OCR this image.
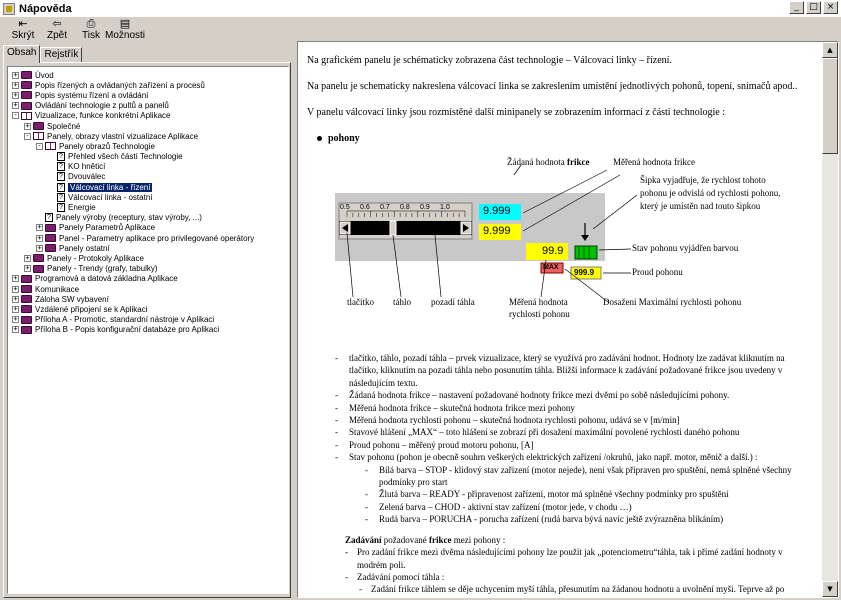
Nápověda	_	□ ×
⇤
Skrýt
⇦
Zpět
⎙
Tisk
▤
Možnosti
Obsah Rejstřík
+ Úvod
+ Popis řízených a ovládaných zařízení a procesů
+ Popis systému řízení a ovládání
+ Ovládání technologie z pultů a panelů
- Vizualizace, funkce konkrétní Aplikace
+ Společné
- Panely, obrazy vlastní vizualizace Aplikace
- Panely obrazů Technologie
? Přehled všech částí Technologie
? KO hněticí
? Dvouválec
? Válcovací linka - řízení
? Válcovací linka - ostatní
? Energie
? Panely výroby (receptury, stav výroby, ...)
+ Panely Parametrů Aplikace
+ Panel - Parametry aplikace pro privilegované operátory
+ Panely ostatní
+ Panely - Protokoly Aplikace
+ Panely - Trendy (grafy, tabulky)
+ Programová a datová základna Aplikace
+ Komunikace
+ Záloha SW vybavení
+ Vzdálené připojení se k Aplikaci
+ Příloha A - Promotic, standardní nástroje v Aplikaci
+ Příloha B - Popis konfigurační databáze pro Aplikaci

Na grafickém panelu je schématicky zobrazena část technologie – Válcovací linky – řízení.

Na panelu je schematicky nakreslena válcovací linka se zakreslením umístění jednotlivých pohonů, topení, snímačů apod..

V panelu válcovací linky jsou rozmístěné další minipanely se zobrazením informací z části technologie :

pohony
Žádaná hodnota frikce	Měřená hodnota frikce
Šipka vyjadřuje, že rychlost tohoto
pohonu je odvislá od rychlosti pohonu,
který je umístěn nad touto šipkou
Stav pohonu vyjádřen barvou
Proud pohonu
tlačítko táhlo pozadí táhla	Měřená hodnota
rychlosti pohonu
Dosažení Maximální rychlosti pohonu
9.999
9.999
99.9
MAX
999.9
0.5 0.6 0.7 0.8 0.9 1.0
-	tlačítko, táhlo, pozadí táhla – prvek vizualizace, který se využívá pro zadávání hodnot. Hodnoty lze zadávat kliknutím na tlačítko, kliknutím na pozadí táhla nebo posunutím táhla. Bližší informace k zadávání požadované frikce jsou uvedeny v následujícím textu.
-	Žádaná hodnota frikce – nastavení požadované hodnoty frikce mezi dvěmi po sobě následujícími pohony.
-	Měřená hodnota frikce – skutečná hodnota frikce mezi pohony
-	Měřená hodnota rychlosti pohonu – skutečná hodnota rychlosti pohonu, udává se v [m/min]
-	Stavové hlášení „MAX“ – toto hlášení se zobrazí při dosažení maximální povolené rychlosti daného pohonu
-	Proud pohonu – měřený proud motoru pohonu, [A]
-	Stav pohonu (pohon je obecně souhrn veškerých elektrických zařízení /okruhů, jako např. motor, měnič a další.) :
-	Bílá barva – STOP - klidový stav zařízení (motor nejede), není však připraven pro spuštění, nemá splněné všechny podmínky pro start
-	Žlutá barva – READY - připravenost zařízení, motor má splněné všechny podmínky pro spuštění
-	Zelená barva – CHOD - aktivní stav zařízení (motor jede, v chodu …)
-	Rudá barva – PORUCHA - porucha zařízení (rudá barva bývá navíc ještě zvýrazněna blikáním)
Zadávání požadované frikce mezi pohony :
-	Pro zadání frikce mezi dvěma následujícími pohony lze použít jak „potenciometru“táhla, tak i přímé zadání hodnoty v modrém poli.
-	Zadávání pomocí táhla :
-	Zadání frikce táhlem se děje uchycením myší táhla, přesunutím na žádanou hodnotu a uvolnění myši. Teprve až po
▲
▼
